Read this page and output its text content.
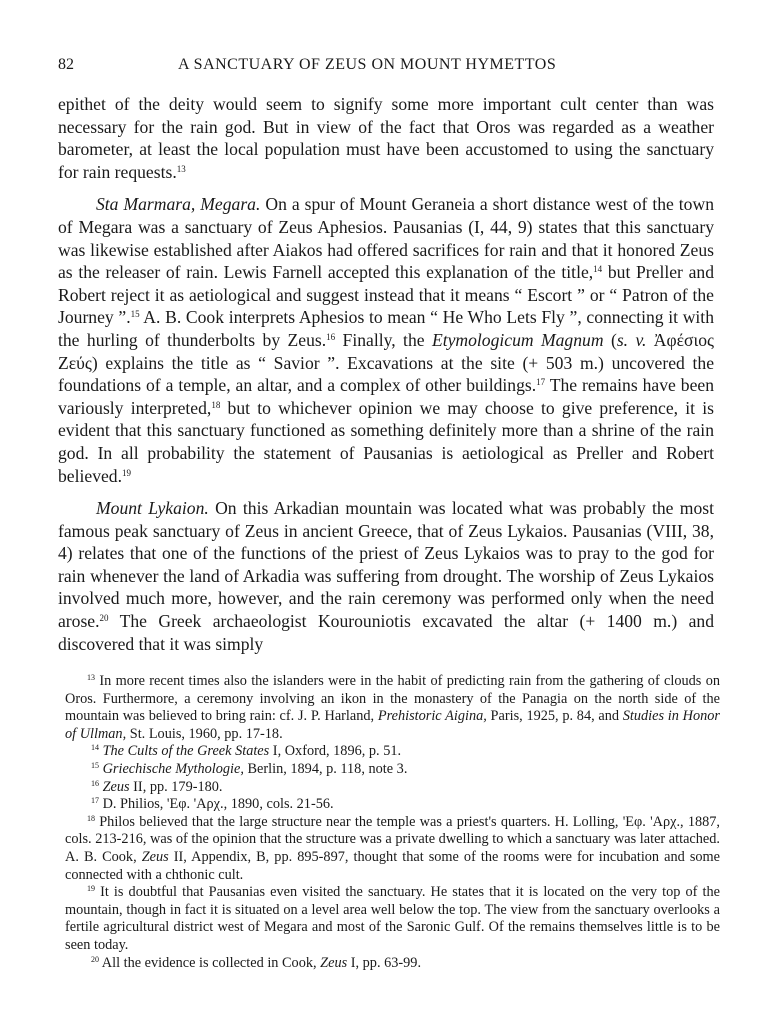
82	A SANCTUARY OF ZEUS ON MOUNT HYMETTOS

epithet of the deity would seem to signify some more important cult center than was necessary for the rain god. But in view of the fact that Oros was regarded as a weather barometer, at least the local population must have been accustomed to using the sanctuary for rain requests.$^{13}$

Sta Marmara, Megara. On a spur of Mount Geraneia a short distance west of the town of Megara was a sanctuary of Zeus Aphesios. Pausanias (I, 44, 9) states that this sanctuary was likewise established after Aiakos had offered sacrifices for rain and that it honored Zeus as the releaser of rain. Lewis Farnell accepted this explanation of the title,$^{14}$ but Preller and Robert reject it as aetiological and suggest instead that it means “ Escort ” or “ Patron of the Journey ”.$^{15}$ A. B. Cook interprets Aphesios to mean “ He Who Lets Fly ”, connecting it with the hurling of thunderbolts by Zeus.$^{16}$ Finally, the Etymologicum Magnum (s. v. Ἀφέσιος Ζεύς) explains the title as “ Savior ”. Excavations at the site (+ 503 m.) uncovered the foundations of a temple, an altar, and a complex of other buildings.$^{17}$ The remains have been variously interpreted,$^{18}$ but to whichever opinion we may choose to give preference, it is evident that this sanctuary functioned as something definitely more than a shrine of the rain god. In all probability the statement of Pausanias is aetiological as Preller and Robert believed.$^{19}$

Mount Lykaion. On this Arkadian mountain was located what was probably the most famous peak sanctuary of Zeus in ancient Greece, that of Zeus Lykaios. Pausanias (VIII, 38, 4) relates that one of the functions of the priest of Zeus Lykaios was to pray to the god for rain whenever the land of Arkadia was suffering from drought. The worship of Zeus Lykaios involved much more, however, and the rain ceremony was performed only when the need arose.$^{20}$ The Greek archaeologist Kourouniotis excavated the altar (+ 1400 m.) and discovered that it was simply

$^{13}$ In more recent times also the islanders were in the habit of predicting rain from the gathering of clouds on Oros. Furthermore, a ceremony involving an ikon in the monastery of the Panagia on the north side of the mountain was believed to bring rain: cf. J. P. Harland, Prehistoric Aigina, Paris, 1925, p. 84, and Studies in Honor of Ullman, St. Louis, 1960, pp. 17-18.

$^{14}$ The Cults of the Greek States I, Oxford, 1896, p. 51.

$^{15}$ Griechische Mythologie, Berlin, 1894, p. 118, note 3.

$^{16}$ Zeus II, pp. 179-180.

$^{17}$ D. Philios, 'Εφ. 'Αρχ., 1890, cols. 21-56.

$^{18}$ Philos believed that the large structure near the temple was a priest's quarters. H. Lolling, 'Εφ. 'Αρχ., 1887, cols. 213-216, was of the opinion that the structure was a private dwelling to which a sanctuary was later attached. A. B. Cook, Zeus II, Appendix, B, pp. 895-897, thought that some of the rooms were for incubation and some connected with a chthonic cult.

$^{19}$ It is doubtful that Pausanias even visited the sanctuary. He states that it is located on the very top of the mountain, though in fact it is situated on a level area well below the top. The view from the sanctuary overlooks a fertile agricultural district west of Megara and most of the Saronic Gulf. Of the remains themselves little is to be seen today.

$^{20}$ All the evidence is collected in Cook, Zeus I, pp. 63-99.
